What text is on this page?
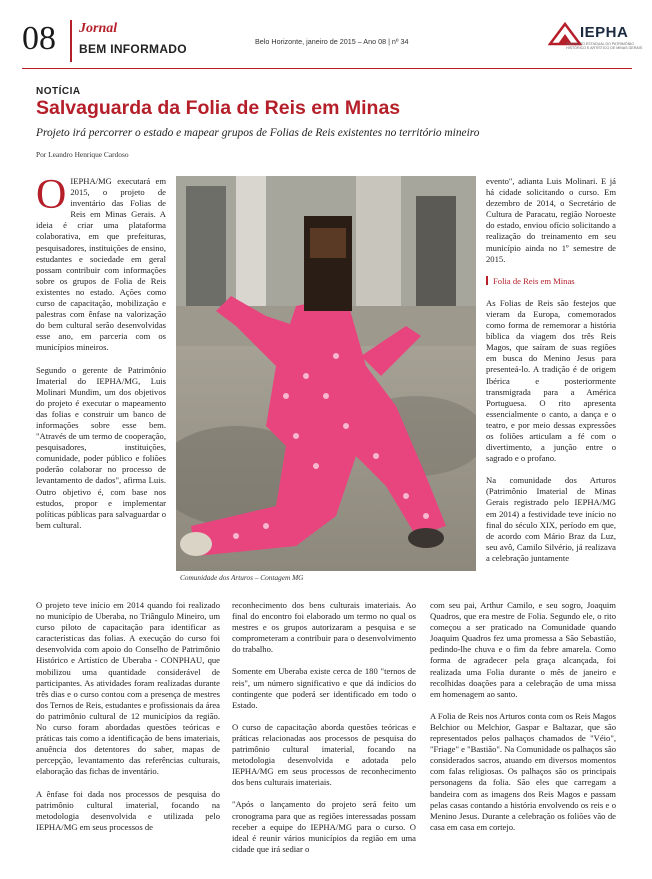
08 Jornal
BEM INFORMADO
Belo Horizonte, janeiro de 2015 – Ano 08 | nº 34
IEPHA
INSTITUTO ESTADUAL DO PATRIMÔNIO HISTÓRICO E ARTÍSTICO DE MINAS GERAIS
NOTÍCIA
Salvaguarda da Folia de Reis em Minas
Projeto irá percorrer o estado e mapear grupos de Folias de Reis existentes no território mineiro
Por Leandro Henrique Cardoso

OIEPHA/MG executará em 2015, o projeto de inventário das Folias de Reis em Minas Gerais. A ideia é criar uma plataforma colaborativa, em que prefeituras, pesquisadores, instituições de ensino, estudantes e sociedade em geral possam contribuir com informações sobre os grupos de Folia de Reis existentes no estado. Ações como curso de capacitação, mobilização e palestras com ênfase na valorização do bem cultural serão desenvolvidas esse ano, em parceria com os municípios mineiros.

Segundo o gerente de Patrimônio Imaterial do IEPHA/MG, Luis Molinari Mundim, um dos objetivos do projeto é executar o mapeamento das folias e construir um banco de informações sobre esse bem. "Através de um termo de cooperação, pesquisadores, instituições, comunidade, poder público e foliões poderão colaborar no processo de levantamento de dados", afirma Luis. Outro objetivo é, com base nos estudos, propor e implementar políticas públicas para salvaguardar o bem cultural.

Comunidade dos Arturos – Contagem MG

evento", adianta Luis Molinari. E já há cidade solicitando o curso. Em dezembro de 2014, o Secretário de Cultura de Paracatu, região Noroeste do estado, enviou ofício solicitando a realização do treinamento em seu município ainda no 1º semestre de 2015.

Folia de Reis em Minas

As Folias de Reis são festejos que vieram da Europa, comemorados como forma de rememorar a história bíblica da viagem dos três Reis Magos, que saíram de suas regiões em busca do Menino Jesus para presenteá-lo. A tradição é de origem Ibérica e posteriormente transmigrada para a América Portuguesa. O rito apresenta essencialmente o canto, a dança e o teatro, e por meio dessas expressões os foliões articulam a fé com o divertimento, a junção entre o sagrado e o profano.

Na comunidade dos Arturos (Patrimônio Imaterial de Minas Gerais registrado pelo IEPHA/MG em 2014) a festividade teve início no final do século XIX, período em que, de acordo com Mário Braz da Luz, seu avô, Camilo Silvério, já realizava a celebração juntamente

O projeto teve início em 2014 quando foi realizado no município de Uberaba, no Triângulo Mineiro, um curso piloto de capacitação para identificar as características das folias. A execução do curso foi desenvolvida com apoio do Conselho de Patrimônio Histórico e Artístico de Uberaba - CONPHAU, que mobilizou uma quantidade considerável de participantes. As atividades foram realizadas durante três dias e o curso contou com a presença de mestres dos Ternos de Reis, estudantes e profissionais da área do patrimônio cultural de 12 municípios da região. No curso foram abordadas questões teóricas e práticas tais como a identificação de bens imateriais, anuência dos detentores do saber, mapas de percepção, levantamento das referências culturais, elaboração das fichas de inventário.

A ênfase foi dada nos processos de pesquisa do patrimônio cultural imaterial, focando na metodologia desenvolvida e utilizada pelo IEPHA/MG em seus processos de

reconhecimento dos bens culturais imateriais. Ao final do encontro foi elaborado um termo no qual os mestres e os grupos autorizaram a pesquisa e se comprometeram a contribuir para o desenvolvimento do trabalho.

Somente em Uberaba existe cerca de 180 "ternos de reis", um número significativo e que dá indícios do contingente que poderá ser identificado em todo o Estado.

O curso de capacitação aborda questões teóricas e práticas relacionadas aos processos de pesquisa do patrimônio cultural imaterial, focando na metodologia desenvolvida e adotada pelo IEPHA/MG em seus processos de reconhecimento dos bens culturais imateriais.

"Após o lançamento do projeto será feito um cronograma para que as regiões interessadas possam receber a equipe do IEPHA/MG para o curso. O ideal é reunir vários municípios da região em uma cidade que irá sediar o

com seu pai, Arthur Camilo, e seu sogro, Joaquim Quadros, que era mestre de Folia. Segundo ele, o rito começou a ser praticado na Comunidade quando Joaquim Quadros fez uma promessa a São Sebastião, pedindo-lhe chuva e o fim da febre amarela. Como forma de agradecer pela graça alcançada, foi realizada uma Folia durante o mês de janeiro e recolhidas doações para a celebração de uma missa em homenagem ao santo.

A Folia de Reis nos Arturos conta com os Reis Magos Belchior ou Melchior, Gaspar e Baltazar, que são representados pelos palhaços chamados de "Véio", "Friage" e "Bastião". Na Comunidade os palhaços são considerados sacros, atuando em diversos momentos com falas religiosas. Os palhaços são os principais personagens da folia. São eles que carregam a bandeira com as imagens dos Reis Magos e passam pelas casas contando a história envolvendo os reis e o Menino Jesus. Durante a celebração os foliões vão de casa em casa em cortejo.
